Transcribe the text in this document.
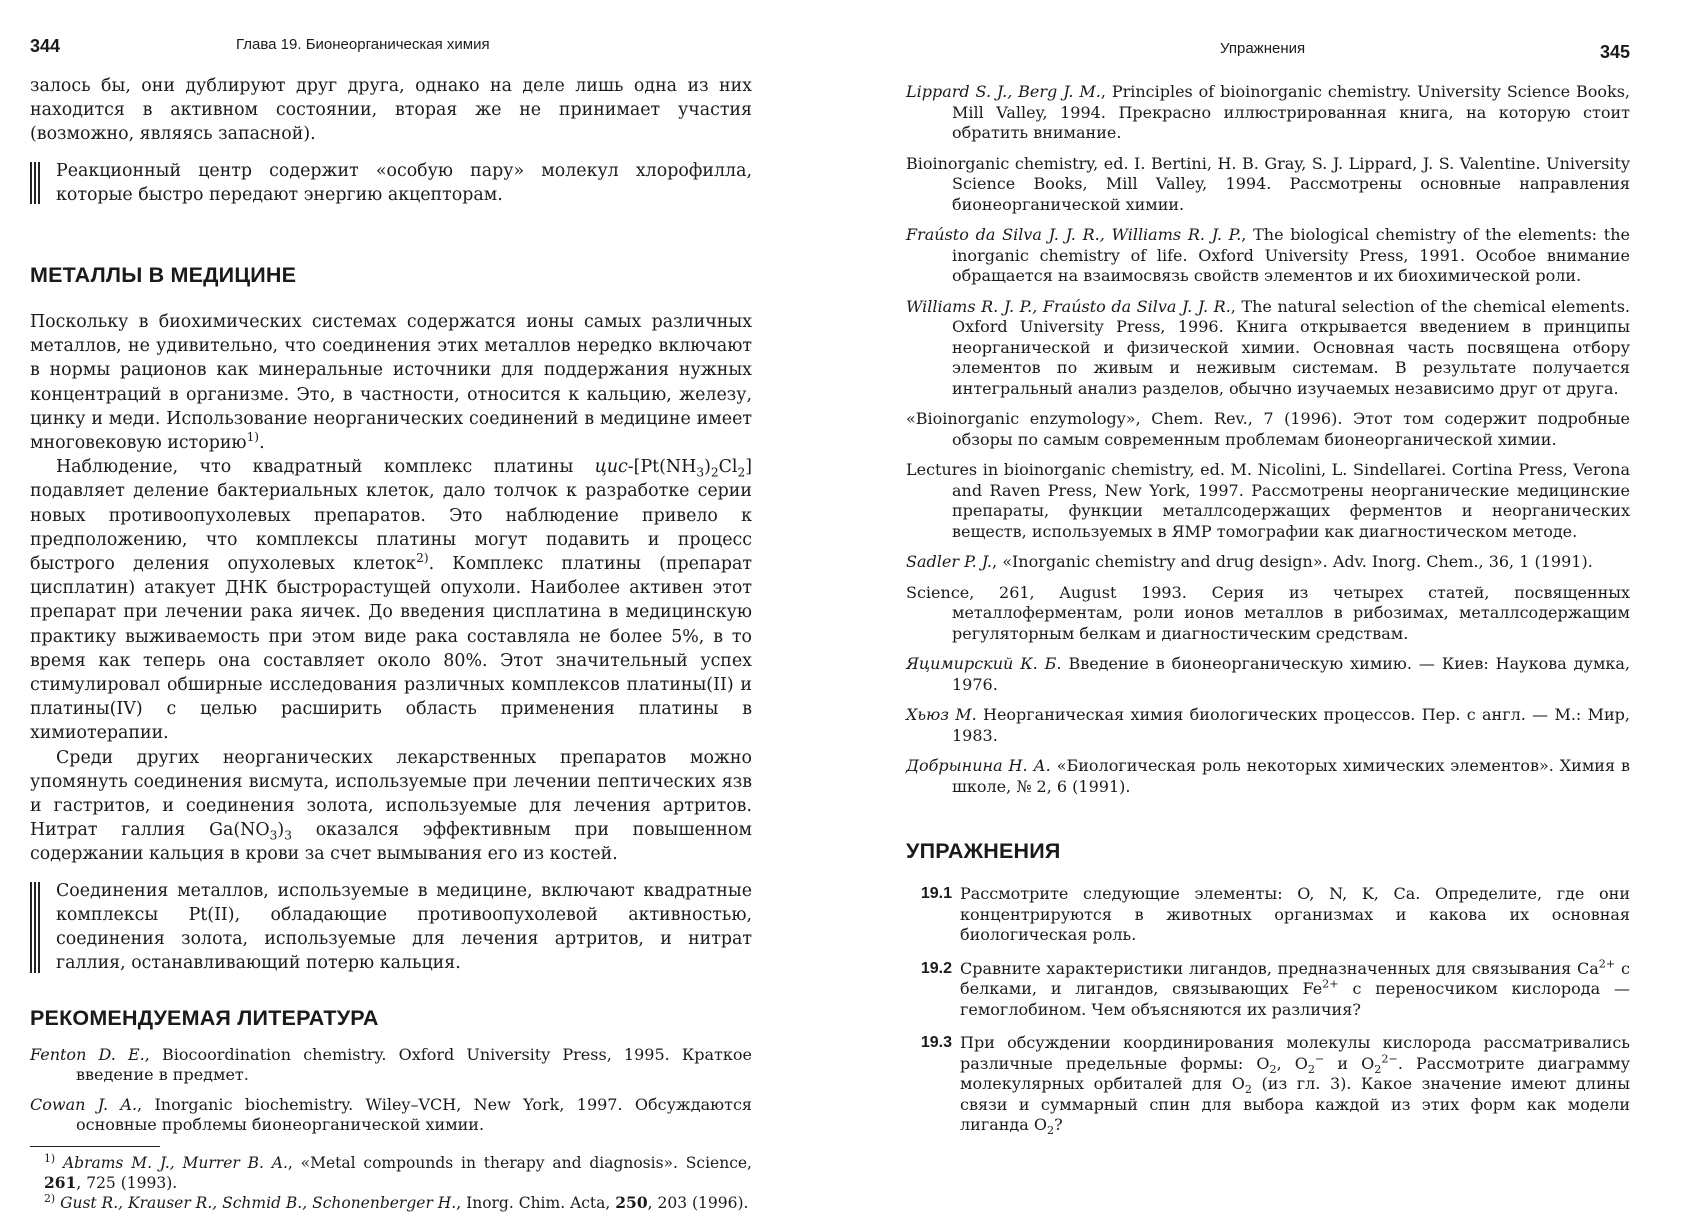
344	Глава 19. Бионеорганическая химия

залось бы, они дублируют друг друга, однако на деле лишь одна из них находится в активном состоянии, вторая же не принимает участия (возможно, являясь запасной).

Реакционный центр содержит «особую пару» молекул хлорофилла, которые быстро передают энергию акцепторам.

МЕТАЛЛЫ В МЕДИЦИНЕ

Поскольку в биохимических системах содержатся ионы самых различных металлов, не удивительно, что соединения этих металлов нередко включают в нормы рационов как минеральные источники для поддержания нужных концентраций в организме. Это, в частности, относится к кальцию, железу, цинку и меди. Использование неорганических соединений в медицине имеет многовековую историю$^{1)}$.

Наблюдение, что квадратный комплекс платины цис-$[Pt(NH_3)_2Cl_2]$ подавляет деление бактериальных клеток, дало толчок к разработке серии новых противоопухолевых препаратов. Это наблюдение привело к предположению, что комплексы платины могут подавить и процесс быстрого деления опухолевых клеток$^{2)}$. Комплекс платины (препарат цисплатин) атакует ДНК быстрорастущей опухоли. Наиболее активен этот препарат при лечении рака яичек. До введения цисплатина в медицинскую практику выживаемость при этом виде рака составляла не более 5%, в то время как теперь она составляет около 80%. Этот значительный успех стимулировал обширные исследования различных комплексов платины(II) и платины(IV) с целью расширить область применения платины в химиотерапии.

Среди других неорганических лекарственных препаратов можно упомянуть соединения висмута, используемые при лечении пептических язв и гастритов, и соединения золота, используемые для лечения артритов. Нитрат галлия $Ga(NO_3)_3$ оказался эффективным при повышенном содержании кальция в крови за счет вымывания его из костей.

Соединения металлов, используемые в медицине, включают квадратные комплексы Pt(II), обладающие противоопухолевой активностью, соединения золота, используемые для лечения артритов, и нитрат галлия, останавливающий потерю кальция.

РЕКОМЕНДУЕМАЯ ЛИТЕРАТУРА

Fenton D. E., Biocoordination chemistry. Oxford University Press, 1995. Краткое введение в предмет.

Cowan J. A., Inorganic biochemistry. Wiley–VCH, New York, 1997. Обсуждаются основные проблемы бионеорганической химии.

$^{1)}$ Abrams M. J., Murrer B. A., «Metal compounds in therapy and diagnosis». Science, 261, 725 (1993).

$^{2)}$ Gust R., Krauser R., Schmid B., Schonenberger H., Inorg. Chim. Acta, 250, 203 (1996).

Упражнения	345

Lippard S. J., Berg J. M., Principles of bioinorganic chemistry. University Science Books, Mill Valley, 1994. Прекрасно иллюстрированная книга, на которую стоит обратить внимание.

Bioinorganic chemistry, ed. I. Bertini, H. B. Gray, S. J. Lippard, J. S. Valentine. University Science Books, Mill Valley, 1994. Рассмотрены основные направления бионеорганической химии.

Fraústo da Silva J. J. R., Williams R. J. P., The biological chemistry of the elements: the inorganic chemistry of life. Oxford University Press, 1991. Особое внимание обращается на взаимосвязь свойств элементов и их биохимической роли.

Williams R. J. P., Fraústo da Silva J. J. R., The natural selection of the chemical elements. Oxford University Press, 1996. Книга открывается введением в принципы неорганической и физической химии. Основная часть посвящена отбору элементов по живым и неживым системам. В результате получается интегральный анализ разделов, обычно изучаемых независимо друг от друга.

«Bioinorganic enzymology», Chem. Rev., 7 (1996). Этот том содержит подробные обзоры по самым современным проблемам бионеорганической химии.

Lectures in bioinorganic chemistry, ed. M. Nicolini, L. Sindellarei. Cortina Press, Verona and Raven Press, New York, 1997. Рассмотрены неорганические медицинские препараты, функции металлсодержащих ферментов и неорганических веществ, используемых в ЯМР томографии как диагностическом методе.

Sadler P. J., «Inorganic chemistry and drug design». Adv. Inorg. Chem., 36, 1 (1991).

Science, 261, August 1993. Серия из четырех статей, посвященных металлоферментам, роли ионов металлов в рибозимах, металлсодержащим регуляторным белкам и диагностическим средствам.

Яцимирский К. Б. Введение в бионеорганическую химию. — Киев: Наукова думка, 1976.

Хьюз М. Неорганическая химия биологических процессов. Пер. с англ. — М.: Мир, 1983.

Добрынина Н. А. «Биологическая роль некоторых химических элементов». Химия в школе, № 2, 6 (1991).

УПРАЖНЕНИЯ
19.1 Рассмотрите следующие элементы: O, N, K, Ca. Определите, где они концентрируются в животных организмах и какова их основная биологическая роль.
19.2 Сравните характеристики лигандов, предназначенных для связывания $Ca^{2+}$ с белками, и лигандов, связывающих $Fe^{2+}$ с переносчиком кислорода — гемоглобином. Чем объясняются их различия?
19.3 При обсуждении координирования молекулы кислорода рассматривались различные предельные формы: $O_2$, $O_2^-$ и $O_2^{2-}$. Рассмотрите диаграмму молекулярных орбиталей для $O_2$ (из гл. 3). Какое значение имеют длины связи и суммарный спин для выбора каждой из этих форм как модели лиганда $O_2$?
